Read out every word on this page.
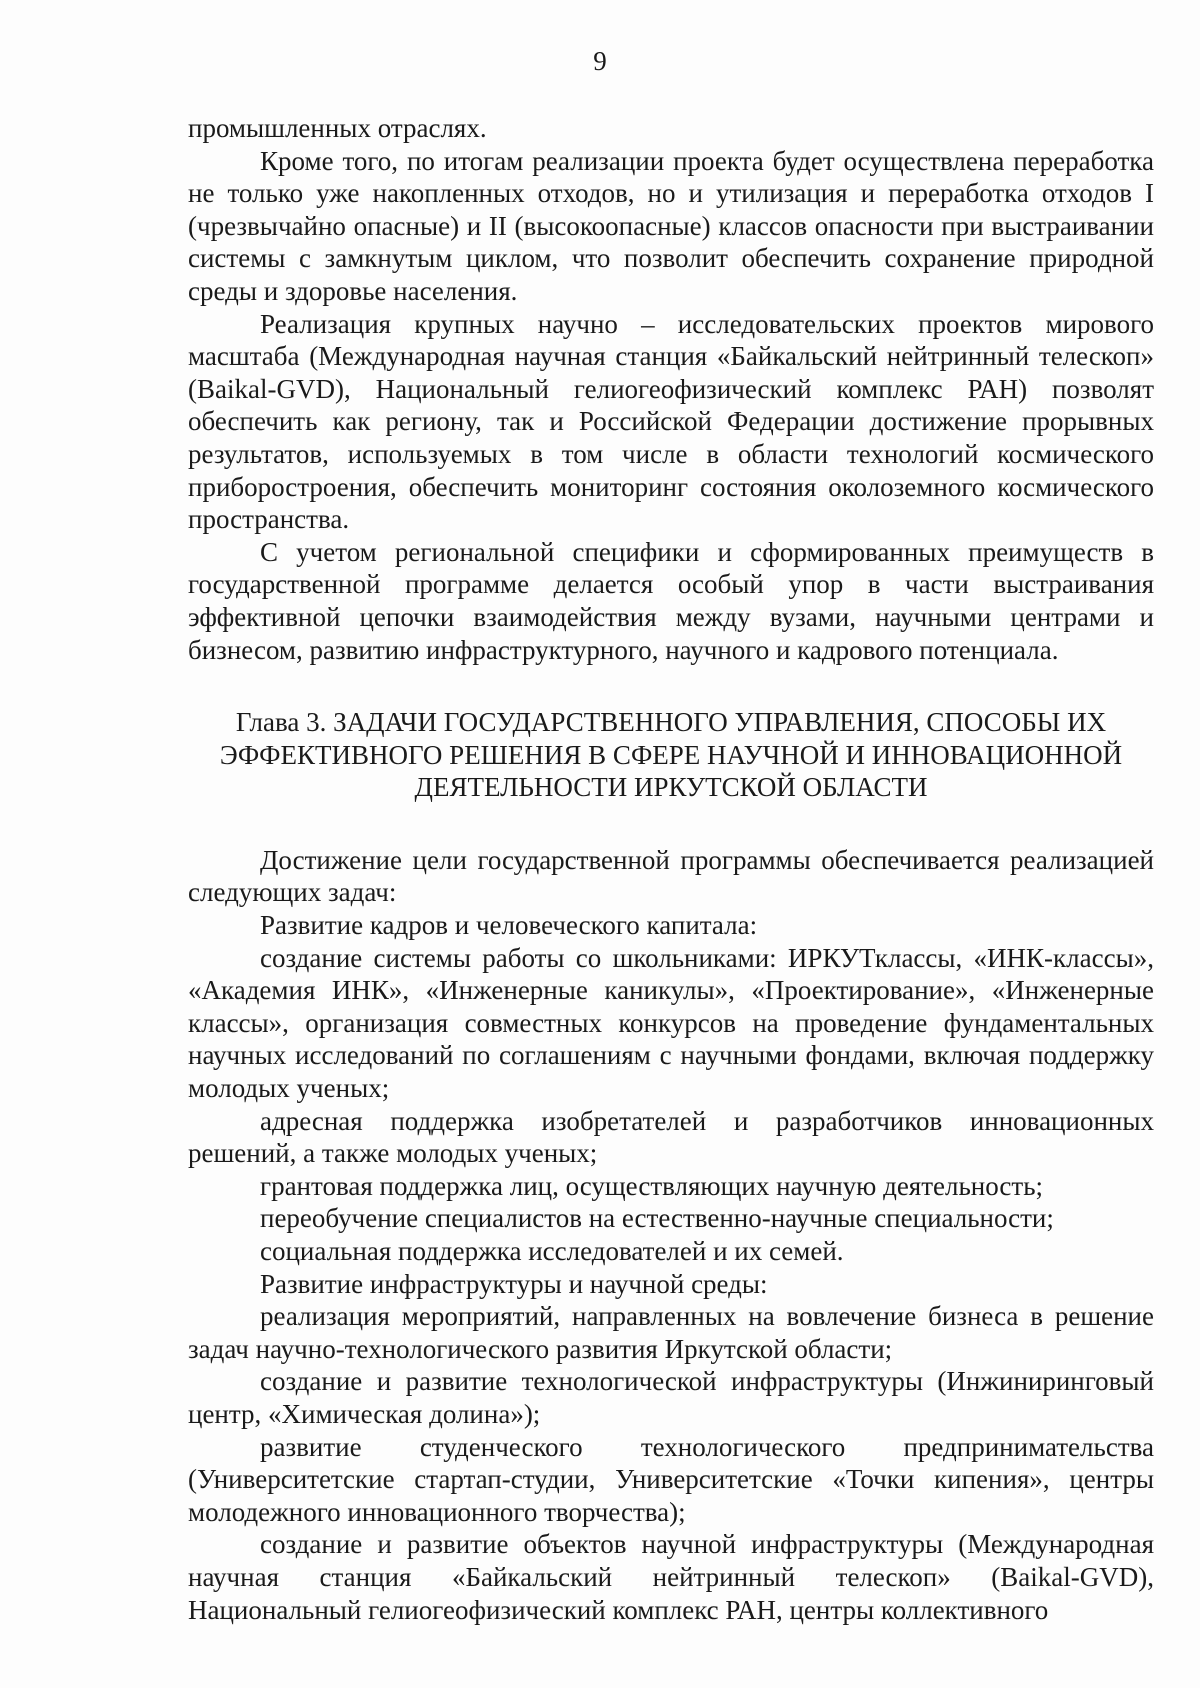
9

промышленных отраслях.

Кроме того, по итогам реализации проекта будет осуществлена переработка не только уже накопленных отходов, но и утилизация и переработка отходов I (чрезвычайно опасные) и II (высокоопасные) классов опасности при выстраивании системы с замкнутым циклом, что позволит обеспечить сохранение природной среды и здоровье населения.

Реализация крупных научно – исследовательских проектов мирового масштаба (Международная научная станция «Байкальский нейтринный телескоп» (Baikal-GVD), Национальный гелиогеофизический комплекс РАН) позволят обеспечить как региону, так и Российской Федерации достижение прорывных результатов, используемых в том числе в области технологий космического приборостроения, обеспечить мониторинг состояния околоземного космического пространства.

С учетом региональной специфики и сформированных преимуществ в государственной программе делается особый упор в части выстраивания эффективной цепочки взаимодействия между вузами, научными центрами и бизнесом, развитию инфраструктурного, научного и кадрового потенциала.

Глава 3. ЗАДАЧИ ГОСУДАРСТВЕННОГО УПРАВЛЕНИЯ, СПОСОБЫ ИХ
ЭФФЕКТИВНОГО РЕШЕНИЯ В СФЕРЕ НАУЧНОЙ И ИННОВАЦИОННОЙ
ДЕЯТЕЛЬНОСТИ ИРКУТСКОЙ ОБЛАСТИ

Достижение цели государственной программы обеспечивается реализацией следующих задач:

Развитие кадров и человеческого капитала:

создание системы работы со школьниками: ИРКУТклассы, «ИНК-классы», «Академия ИНК», «Инженерные каникулы», «Проектирование», «Инженерные классы», организация совместных конкурсов на проведение фундаментальных научных исследований по соглашениям с научными фондами, включая поддержку молодых ученых;

адресная поддержка изобретателей и разработчиков инновационных решений, а также молодых ученых;

грантовая поддержка лиц, осуществляющих научную деятельность;

переобучение специалистов на естественно-научные специальности;

социальная поддержка исследователей и их семей.

Развитие инфраструктуры и научной среды:

реализация мероприятий, направленных на вовлечение бизнеса в решение задач научно-технологического развития Иркутской области;

создание и развитие технологической инфраструктуры (Инжиниринговый центр, «Химическая долина»);

развитие студенческого технологического предпринимательства (Университетские стартап-студии, Университетские «Точки кипения», центры молодежного инновационного творчества);

создание и развитие объектов научной инфраструктуры (Международная научная станция «Байкальский нейтринный телескоп» (Baikal-GVD), Национальный гелиогеофизический комплекс РАН, центры коллективного
